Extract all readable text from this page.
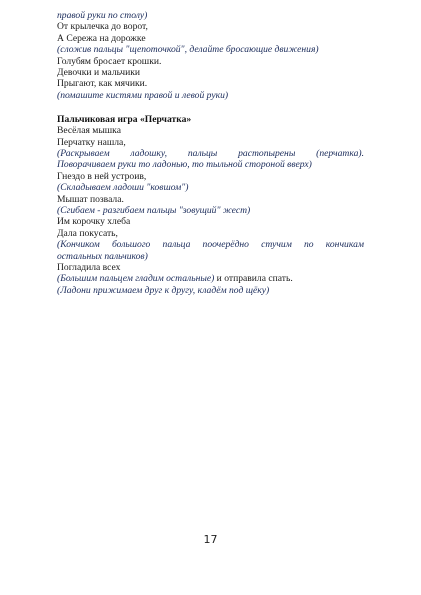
правой руки по столу)
От крылечка до ворот,
А Сережа на дорожке
(сложив пальцы "щепоточкой", делайте бросающие движения)
Голубям бросает крошки.
Девочки и мальчики
Прыгают, как мячики.
(помашите кистями правой и левой руки)
Пальчиковая игра «Перчатка»
Весёлая мышка
Перчатку нашла,
(Раскрываем ладошку, пальцы растопырены (перчатка).
Поворачиваем руки то ладонью, то тыльной стороной вверх)
Гнездо в ней устроив,
(Складываем ладоши "ковшом")
Мышат позвала.
(Сгибаем - разгибаем пальцы "зовущий" жест)
Им корочку хлеба
Дала покусать,
(Кончиком большого пальца поочерёдно стучим по кончикам
остальных пальчиков)
Погладила всех
(Большим пальцем гладим остальные) и отправила спать.
(Ладони прижимаем друг к другу, кладём под щёку)
17
